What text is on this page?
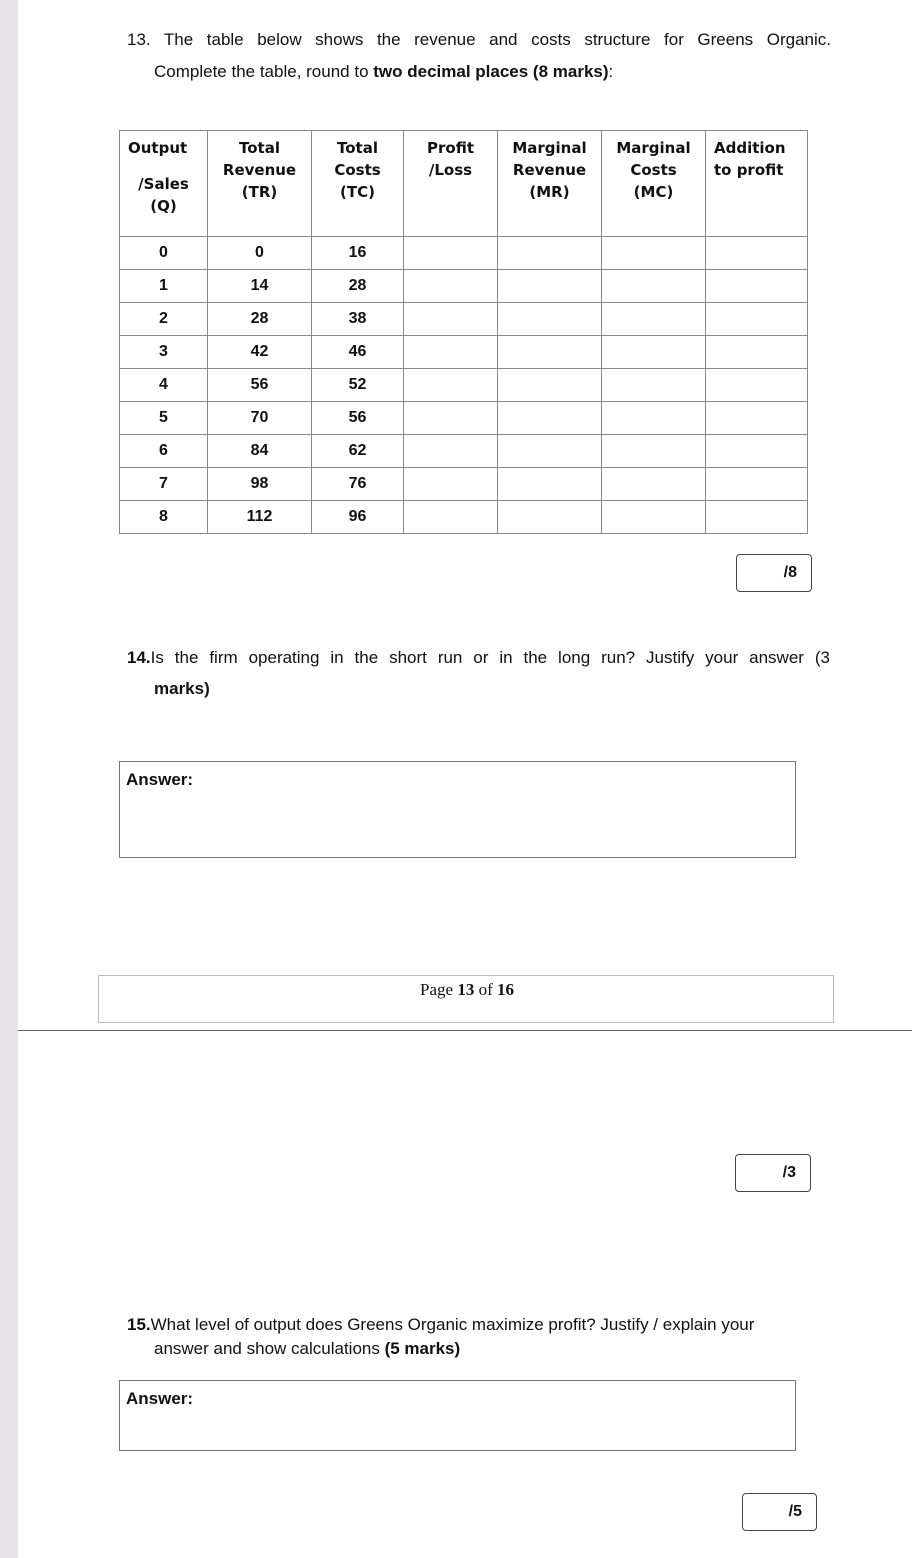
13. The table below shows the revenue and costs structure for Greens Organic.
Complete the table, round to two decimal places (8 marks):
Output
/Sales
(Q)	Total
Revenue
(TR)	Total
Costs
(TC)	Profit
/Loss	Marginal
Revenue
(MR)	Marginal
Costs
(MC)	Addition
to profit

0	0	16				
1	14	28				
2	28	38				
3	42	46				
4	56	52				
5	70	56				
6	84	62				
7	98	76				
8	112	96				
/8
14.Is the firm operating in the short run or in the long run? Justify your answer (3
marks)
Answer:
Page 13 of 16
/3
15.What level of output does Greens Organic maximize profit? Justify / explain your
answer and show calculations (5 marks)
Answer:
/5
